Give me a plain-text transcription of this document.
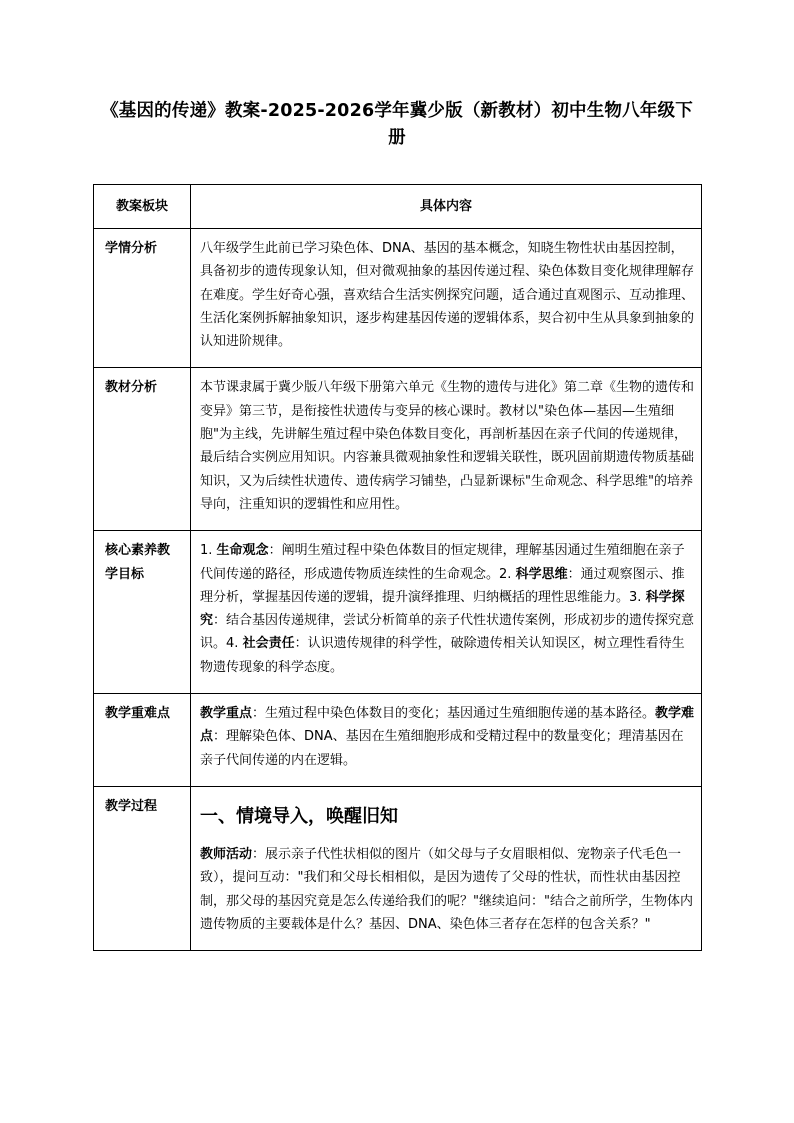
《基因的传递》教案-2025-2026学年冀少版（新教材）初中生物八年级下册
教案板块	具体内容
学情分析	八年级学生此前已学习染色体、DNA、基因的基本概念，知晓生物性状由基因控制，具备初步的遗传现象认知，但对微观抽象的基因传递过程、染色体数目变化规律理解存在难度。学生好奇心强，喜欢结合生活实例探究问题，适合通过直观图示、互动推理、生活化案例拆解抽象知识，逐步构建基因传递的逻辑体系，契合初中生从具象到抽象的认知进阶规律。
教材分析	本节课隶属于冀少版八年级下册第六单元《生物的遗传与进化》第二章《生物的遗传和变异》第三节，是衔接性状遗传与变异的核心课时。教材以"染色体—基因—生殖细胞"为主线，先讲解生殖过程中染色体数目变化，再剖析基因在亲子代间的传递规律，最后结合实例应用知识。内容兼具微观抽象性和逻辑关联性，既巩固前期遗传物质基础知识，又为后续性状遗传、遗传病学习铺垫，凸显新课标"生命观念、科学思维"的培养导向，注重知识的逻辑性和应用性。
核心素养教学目标	1. 生命观念：阐明生殖过程中染色体数目的恒定规律，理解基因通过生殖细胞在亲子代间传递的路径，形成遗传物质连续性的生命观念。2. 科学思维：通过观察图示、推理分析，掌握基因传递的逻辑，提升演绎推理、归纳概括的理性思维能力。3. 科学探究：结合基因传递规律，尝试分析简单的亲子代性状遗传案例，形成初步的遗传探究意识。4. 社会责任：认识遗传规律的科学性，破除遗传相关认知误区，树立理性看待生物遗传现象的科学态度。
教学重难点	教学重点：生殖过程中染色体数目的变化；基因通过生殖细胞传递的基本路径。教学难点：理解染色体、DNA、基因在生殖细胞形成和受精过程中的数量变化；理清基因在亲子代间传递的内在逻辑。
教学过程	一、情境导入，唤醒旧知

教师活动：展示亲子代性状相似的图片（如父母与子女眉眼相似、宠物亲子代毛色一致），提问互动："我们和父母长相相似，是因为遗传了父母的性状，而性状由基因控制，那父母的基因究竟是怎么传递给我们的呢？"继续追问："结合之前所学，生物体内遗传物质的主要载体是什么？基因、DNA、染色体三者存在怎样的包含关系？"
